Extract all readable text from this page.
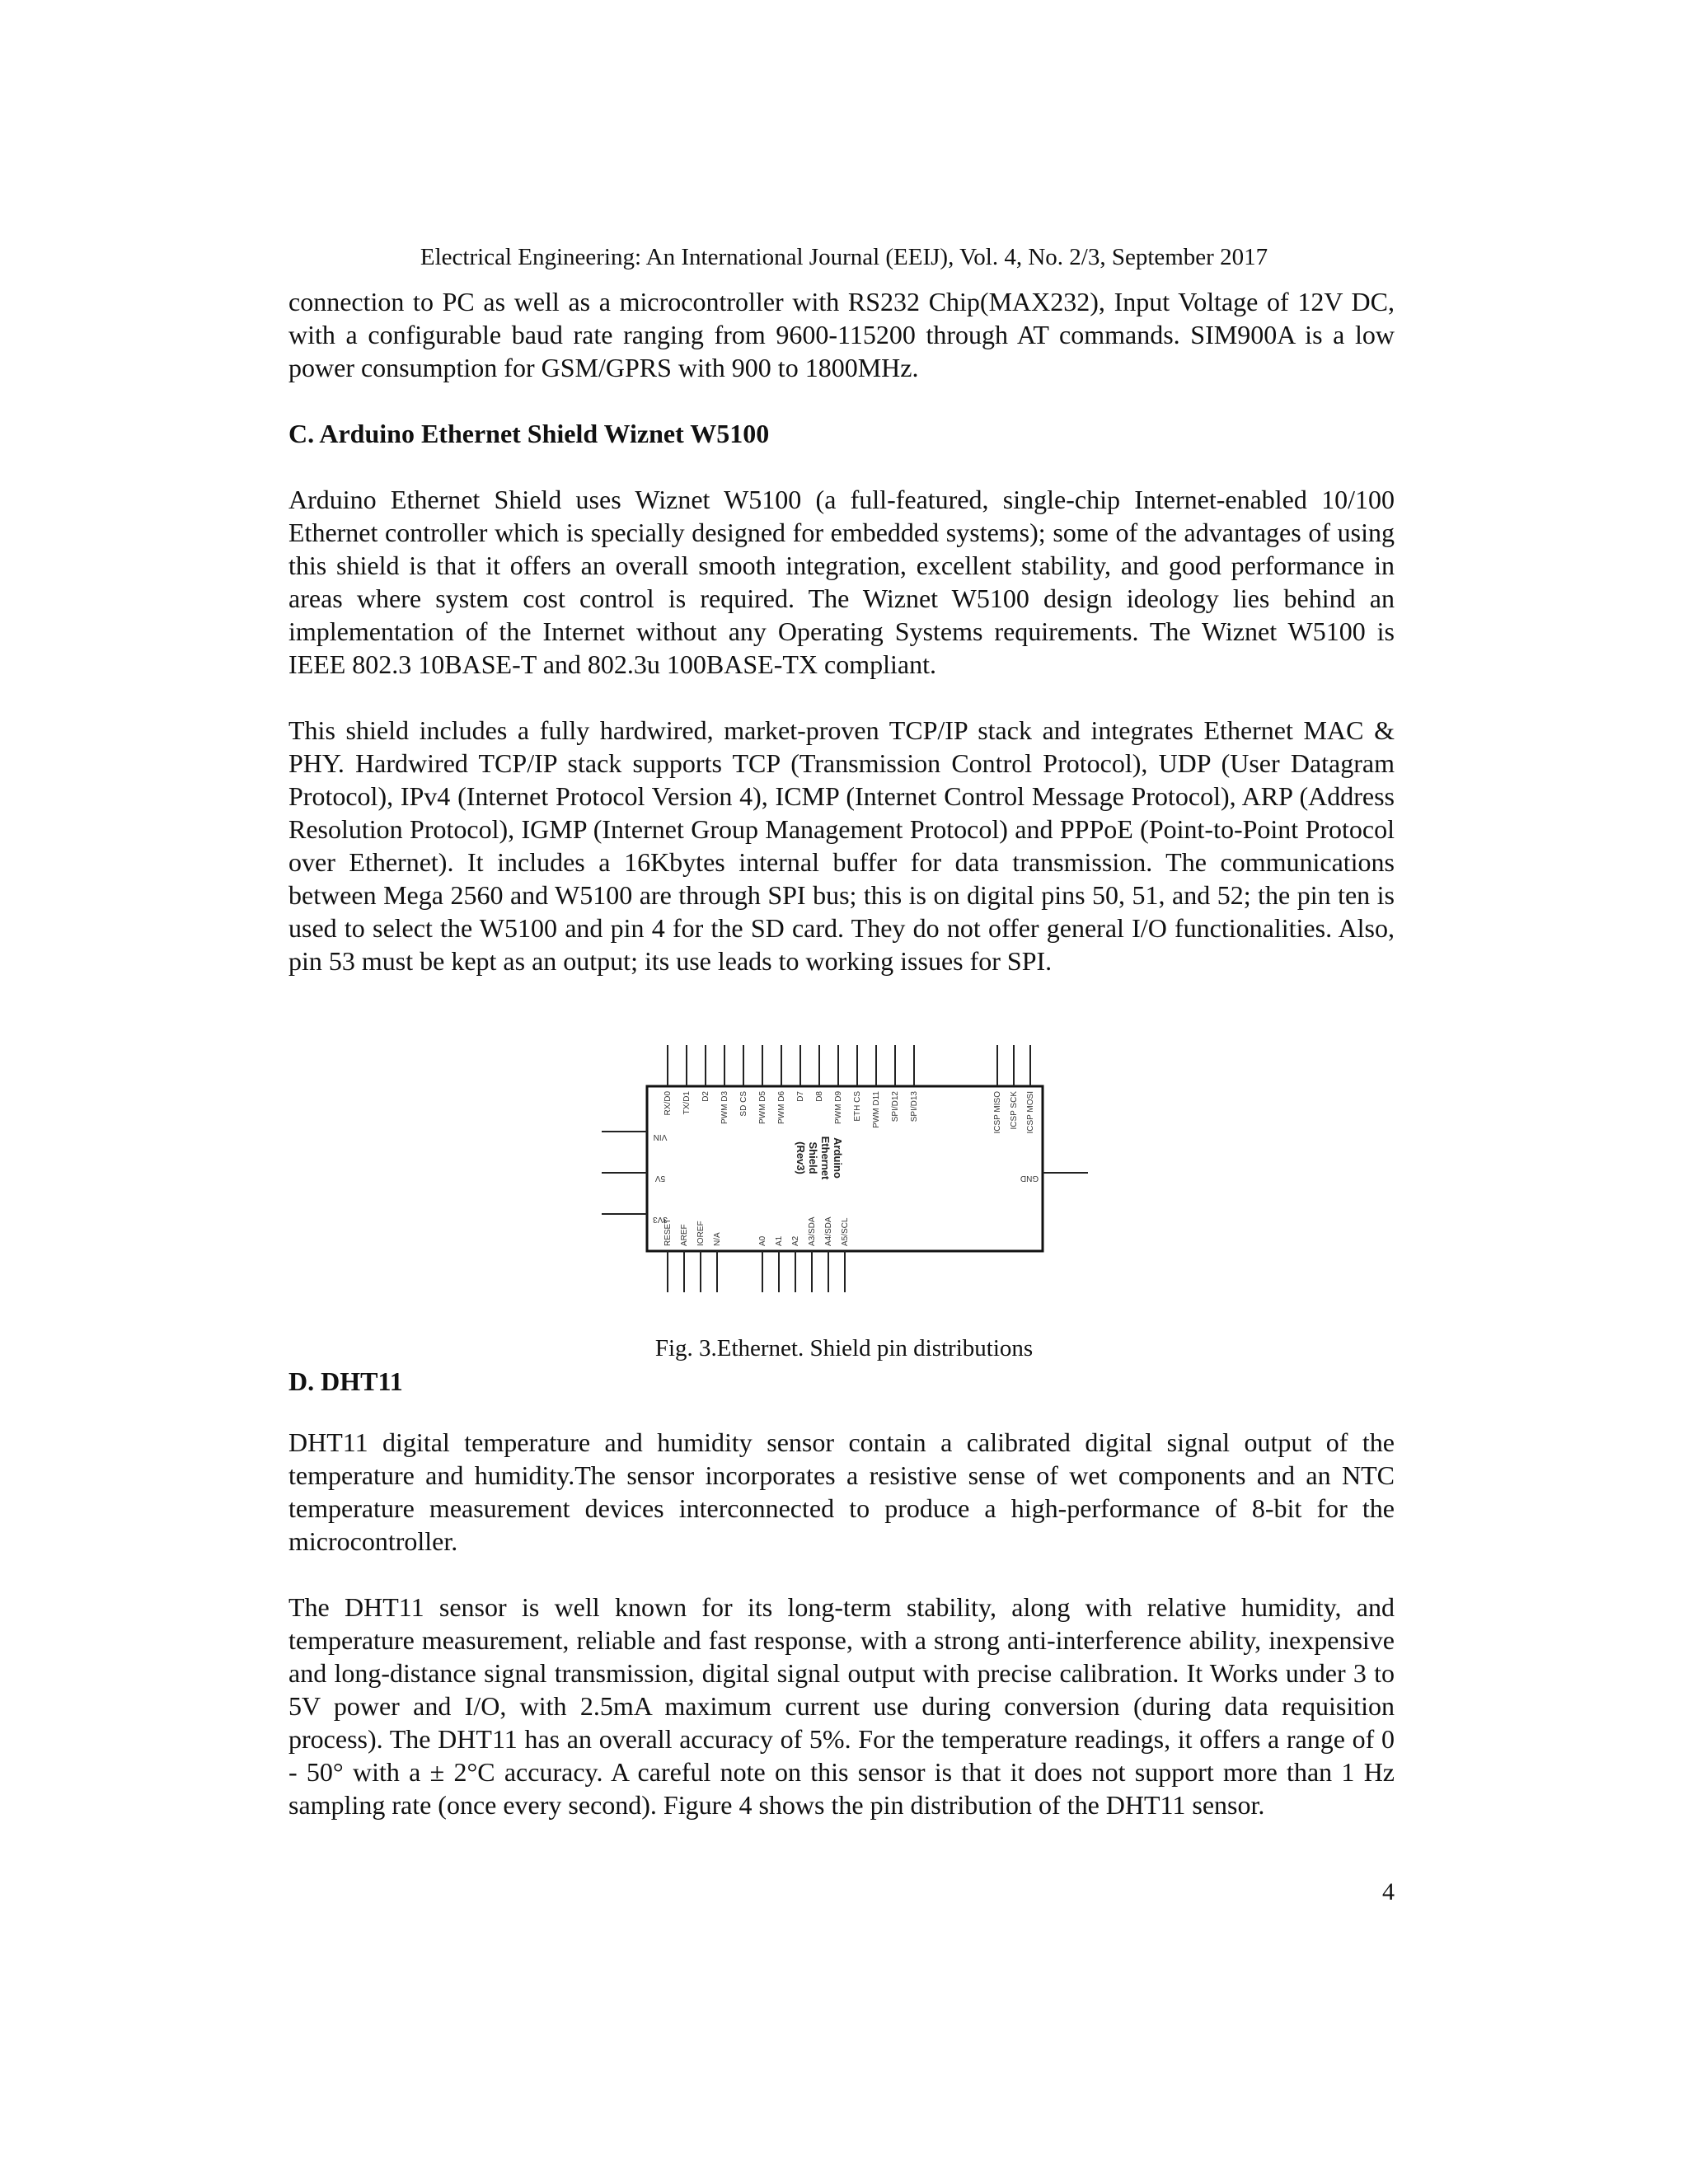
Electrical Engineering: An International Journal (EEIJ), Vol. 4, No. 2/3, September 2017

connection to PC as well as a microcontroller with RS232 Chip(MAX232), Input Voltage of 12V DC, with a configurable baud rate ranging from 9600-115200 through AT commands. SIM900A is a low power consumption for GSM/GPRS with 900 to 1800MHz.

C. Arduino Ethernet Shield Wiznet W5100

Arduino Ethernet Shield uses Wiznet W5100 (a full-featured, single-chip Internet-enabled 10/100 Ethernet controller which is specially designed for embedded systems); some of the advantages of using this shield is that it offers an overall smooth integration, excellent stability, and good performance in areas where system cost control is required. The Wiznet W5100 design ideology lies behind an implementation of the Internet without any Operating Systems requirements. The Wiznet W5100 is IEEE 802.3 10BASE-T and 802.3u 100BASE-TX compliant.

This shield includes a fully hardwired, market-proven TCP/IP stack and integrates Ethernet MAC & PHY. Hardwired TCP/IP stack supports TCP (Transmission Control Protocol), UDP (User Datagram Protocol), IPv4 (Internet Protocol Version 4), ICMP (Internet Control Message Protocol), ARP (Address Resolution Protocol), IGMP (Internet Group Management Protocol) and PPPoE (Point-to-Point Protocol over Ethernet). It includes a 16Kbytes internal buffer for data transmission. The communications between Mega 2560 and W5100 are through SPI bus; this is on digital pins 50, 51, and 52; the pin ten is used to select the W5100 and pin 4 for the SD card. They do not offer general I/O functionalities. Also, pin 53 must be kept as an output; its use leads to working issues for SPI.

RX/D0 TX/D1 D2 PWM D3 SD CS PWM D5 PWM D6 D7 D8 PWM D9 ETH CS PWM D11 SPI/D12 SPI/D13	ICSP MISO ICSP SCK ICSP MOSI
RESET AREF IOREF N/A	A0 A1 A2 A3/SDA A4/SDA A5/SCL
VIN
5V
3V3
GND
Arduino
Ethernet
Shield
(Rev3)
Fig. 3.Ethernet. Shield pin distributions

D. DHT11

DHT11 digital temperature and humidity sensor contain a calibrated digital signal output of the temperature and humidity.The sensor incorporates a resistive sense of wet components and an NTC temperature measurement devices interconnected to produce a high-performance of 8-bit for the microcontroller.

The DHT11 sensor is well known for its long-term stability, along with relative humidity, and temperature measurement, reliable and fast response, with a strong anti-interference ability, inexpensive and long-distance signal transmission, digital signal output with precise calibration. It Works under 3 to 5V power and I/O, with 2.5mA maximum current use during conversion (during data requisition process). The DHT11 has an overall accuracy of 5%. For the temperature readings, it offers a range of 0 - 50° with a ± 2°C accuracy. A careful note on this sensor is that it does not support more than 1 Hz sampling rate (once every second). Figure 4 shows the pin distribution of the DHT11 sensor.

4
